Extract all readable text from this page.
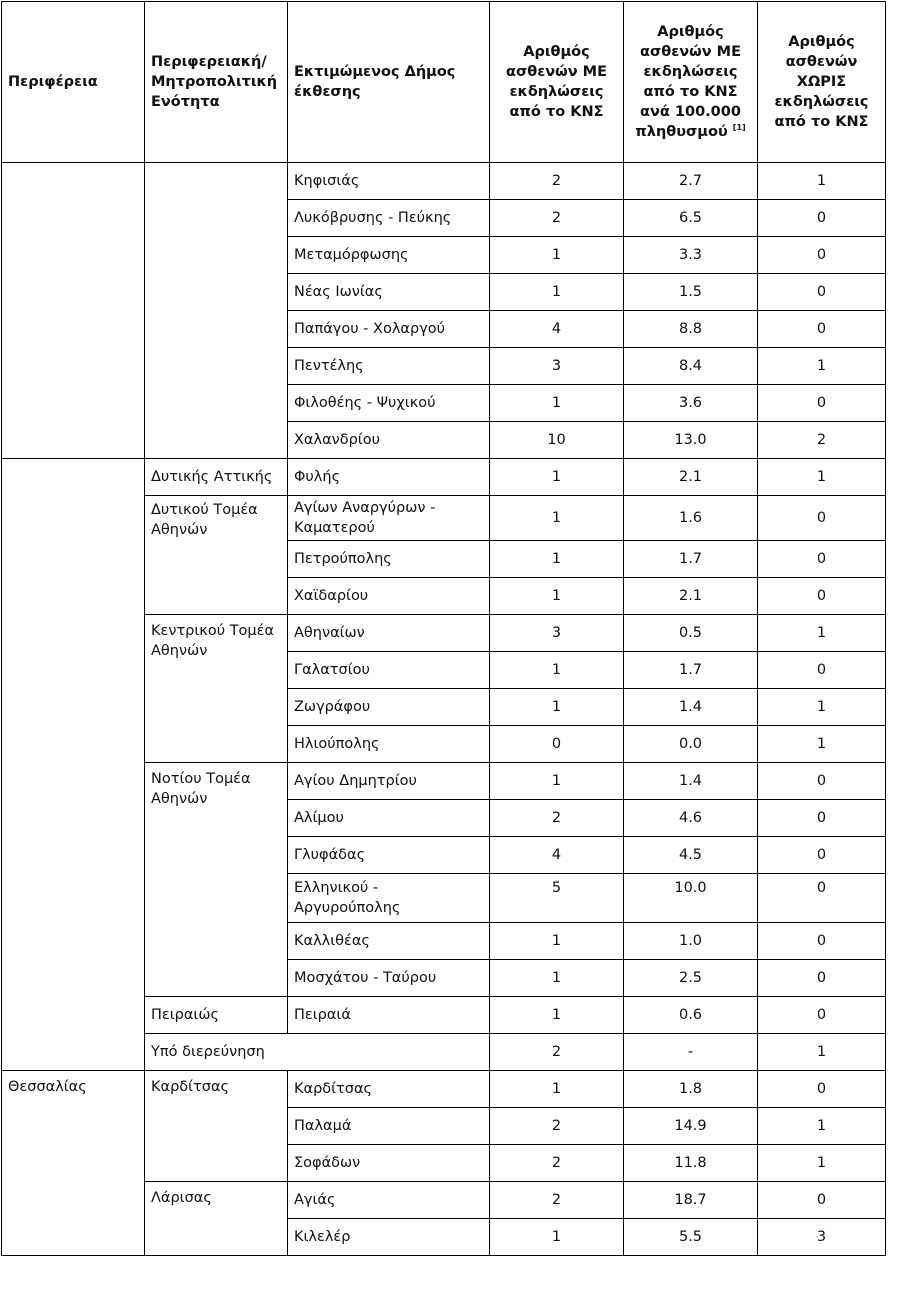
Περιφέρεια	Περιφερειακή/ Μητροπολιτική Ενότητα	Εκτιμώμενος Δήμος έκθεσης	Αριθμός ασθενών ΜΕ εκδηλώσεις από το ΚΝΣ	Αριθμός ασθενών ΜΕ εκδηλώσεις από το ΚΝΣ ανά 100.000 πληθυσμού [1]	Αριθμός ασθενών ΧΩΡΙΣ εκδηλώσεις από το ΚΝΣ
		Κηφισιάς	2	2.7	1
		Λυκόβρυσης - Πεύκης	2	6.5	0
		Μεταμόρφωσης	1	3.3	0
		Νέας Ιωνίας	1	1.5	0
		Παπάγου - Χολαργού	4	8.8	0
		Πεντέλης	3	8.4	1
		Φιλοθέης - Ψυχικού	1	3.6	0
		Χαλανδρίου	10	13.0	2
	Δυτικής Αττικής	Φυλής	1	2.1	1
	Δυτικού Τομέα Αθηνών	Αγίων Αναργύρων - Καματερού	1	1.6	0
		Πετρούπολης	1	1.7	0
		Χαϊδαρίου	1	2.1	0
	Κεντρικού Τομέα Αθηνών	Αθηναίων	3	0.5	1
		Γαλατσίου	1	1.7	0
		Ζωγράφου	1	1.4	1
		Ηλιούπολης	0	0.0	1
	Νοτίου Τομέα Αθηνών	Αγίου Δημητρίου	1	1.4	0
		Αλίμου	2	4.6	0
		Γλυφάδας	4	4.5	0
		Ελληνικού - Αργυρούπολης	5	10.0	0
		Καλλιθέας	1	1.0	0
		Μοσχάτου - Ταύρου	1	2.5	0
	Πειραιώς	Πειραιά	1	0.6	0
	Υπό διερεύνηση		2	-	1
Θεσσαλίας	Καρδίτσας	Καρδίτσας	1	1.8	0
		Παλαμά	2	14.9	1
		Σοφάδων	2	11.8	1
	Λάρισας	Αγιάς	2	18.7	0
		Κιλελέρ	1	5.5	3
